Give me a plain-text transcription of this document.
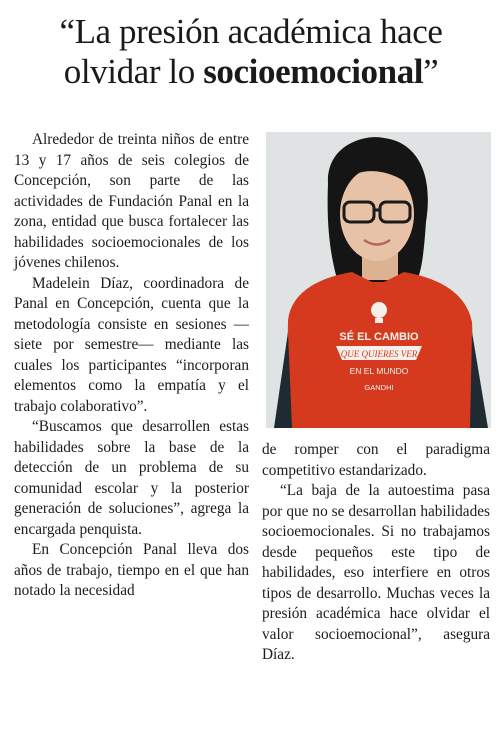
“La presión académica hace
olvidar lo socioemocional”

Alrededor de treinta niños de entre 13 y 17 años de seis colegios de Concepción, son parte de las actividades de Fundación Panal en la zona, entidad que busca fortalecer las habilidades socioemocionales de los jóvenes chilenos.

Madelein Díaz, coordinadora de Panal en Concepción, cuenta que la metodología consiste en sesiones —siete por semestre— mediante las cuales los participantes “incorporan elementos como la empatía y el trabajo colaborativo”.

“Buscamos que desarrollen estas habilidades sobre la base de la detección de un problema de su comunidad escolar y la posterior generación de soluciones”, agrega la encargada penquista.

En Concepción Panal lleva dos años de trabajo, tiempo en el que han notado la necesidad

SÉ EL CAMBIO
QUE QUIERES VER
EN EL MUNDO
GANDHI

de romper con el paradigma competitivo estandarizado.

“La baja de la autoestima pasa por que no se desarrollan habilidades socioemocionales. Si no trabajamos desde pequeños este tipo de habilidades, eso interfiere en otros tipos de desarrollo. Muchas veces la presión académica hace olvidar el valor socioemocional”, asegura Díaz.
